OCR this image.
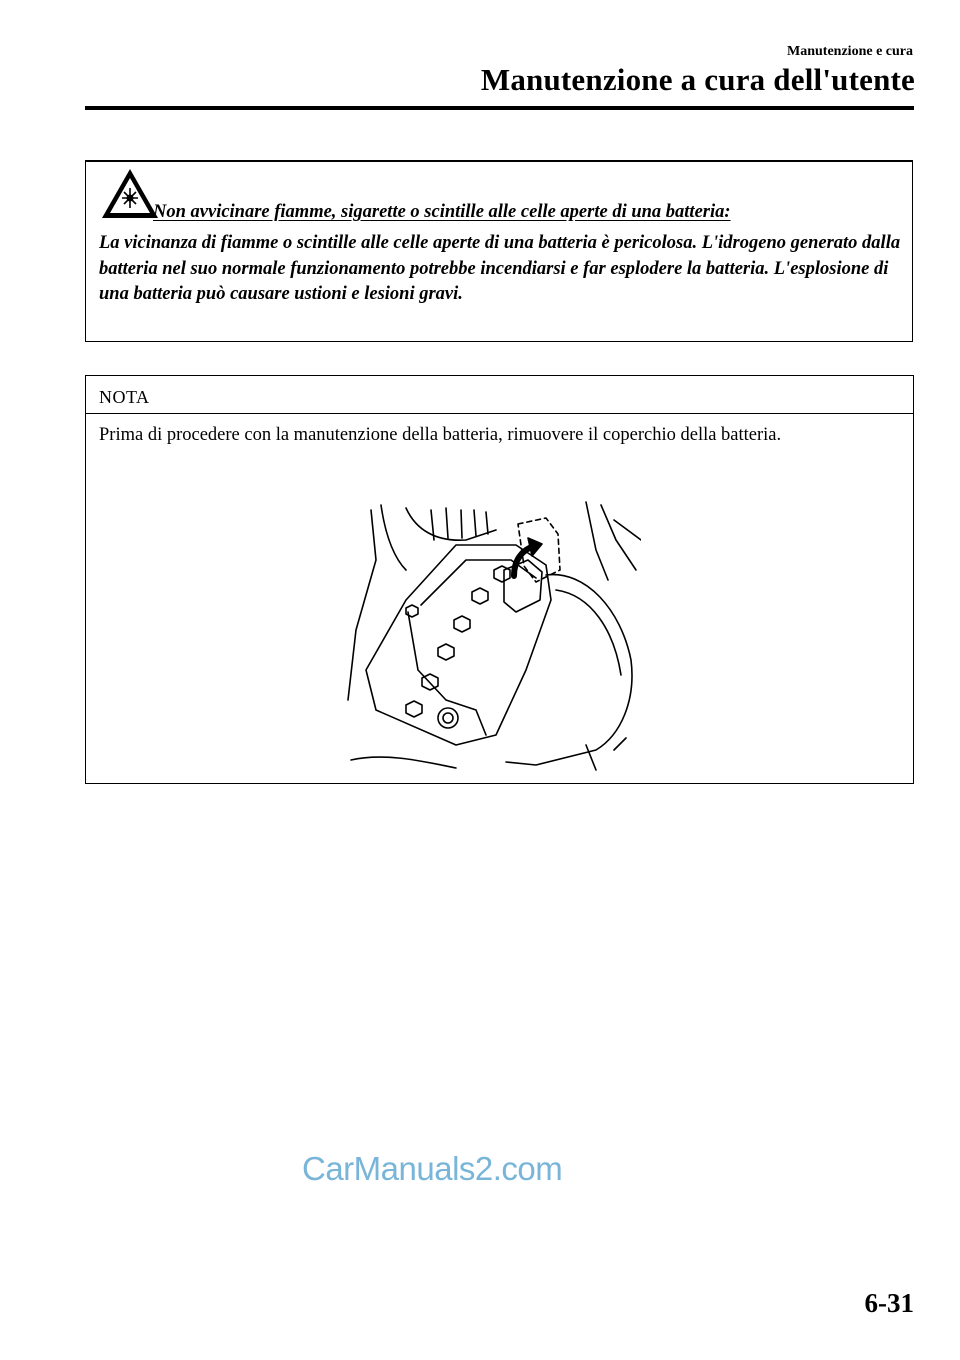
Manutenzione e cura
Manutenzione a cura dell'utente
Non avvicinare fiamme, sigarette o scintille alle celle aperte di una batteria:
La vicinanza di fiamme o scintille alle celle aperte di una batteria è pericolosa. L'idrogeno generato dalla batteria nel suo normale funzionamento potrebbe incendiarsi e far esplodere la batteria. L'esplosione di una batteria può causare ustioni e lesioni gravi.
NOTA
Prima di procedere con la manutenzione della batteria, rimuovere il coperchio della batteria.
CarManuals2.com
6-31
